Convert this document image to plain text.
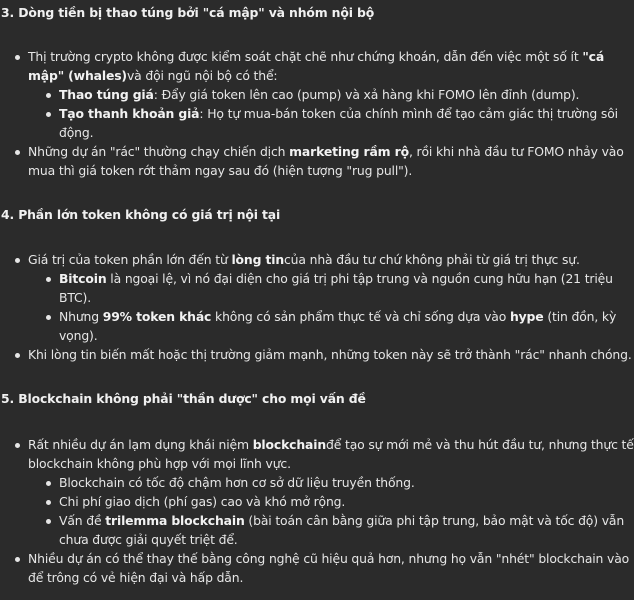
3. Dòng tiền bị thao túng bởi "cá mập" và nhóm nội bộ
Thị trường crypto không được kiểm soát chặt chẽ như chứng khoán, dẫn đến việc một số ít "cá
mập" (whales)và đội ngũ nội bộ có thể:
Thao túng giá: Đẩy giá token lên cao (pump) và xả hàng khi FOMO lên đỉnh (dump).
Tạo thanh khoản giả: Họ tự mua-bán token của chính mình để tạo cảm giác thị trường sôi
động.
Những dự án "rác" thường chạy chiến dịch marketing rầm rộ, rồi khi nhà đầu tư FOMO nhảy vào
mua thì giá token rớt thảm ngay sau đó (hiện tượng "rug pull").
4. Phần lớn token không có giá trị nội tại
Giá trị của token phần lớn đến từ lòng tincủa nhà đầu tư chứ không phải từ giá trị thực sự.
Bitcoin là ngoại lệ, vì nó đại diện cho giá trị phi tập trung và nguồn cung hữu hạn (21 triệu
BTC).
Nhưng 99% token khác không có sản phẩm thực tế và chỉ sống dựa vào hype (tin đồn, kỳ
vọng).
Khi lòng tin biến mất hoặc thị trường giảm mạnh, những token này sẽ trở thành "rác" nhanh chóng.
5. Blockchain không phải "thần dược" cho mọi vấn đề
Rất nhiều dự án lạm dụng khái niệm blockchainđể tạo sự mới mẻ và thu hút đầu tư, nhưng thực tế
blockchain không phù hợp với mọi lĩnh vực.
Blockchain có tốc độ chậm hơn cơ sở dữ liệu truyền thống.
Chi phí giao dịch (phí gas) cao và khó mở rộng.
Vấn đề trilemma blockchain (bài toán cân bằng giữa phi tập trung, bảo mật và tốc độ) vẫn
chưa được giải quyết triệt để.
Nhiều dự án có thể thay thế bằng công nghệ cũ hiệu quả hơn, nhưng họ vẫn "nhét" blockchain vào
để trông có vẻ hiện đại và hấp dẫn.
